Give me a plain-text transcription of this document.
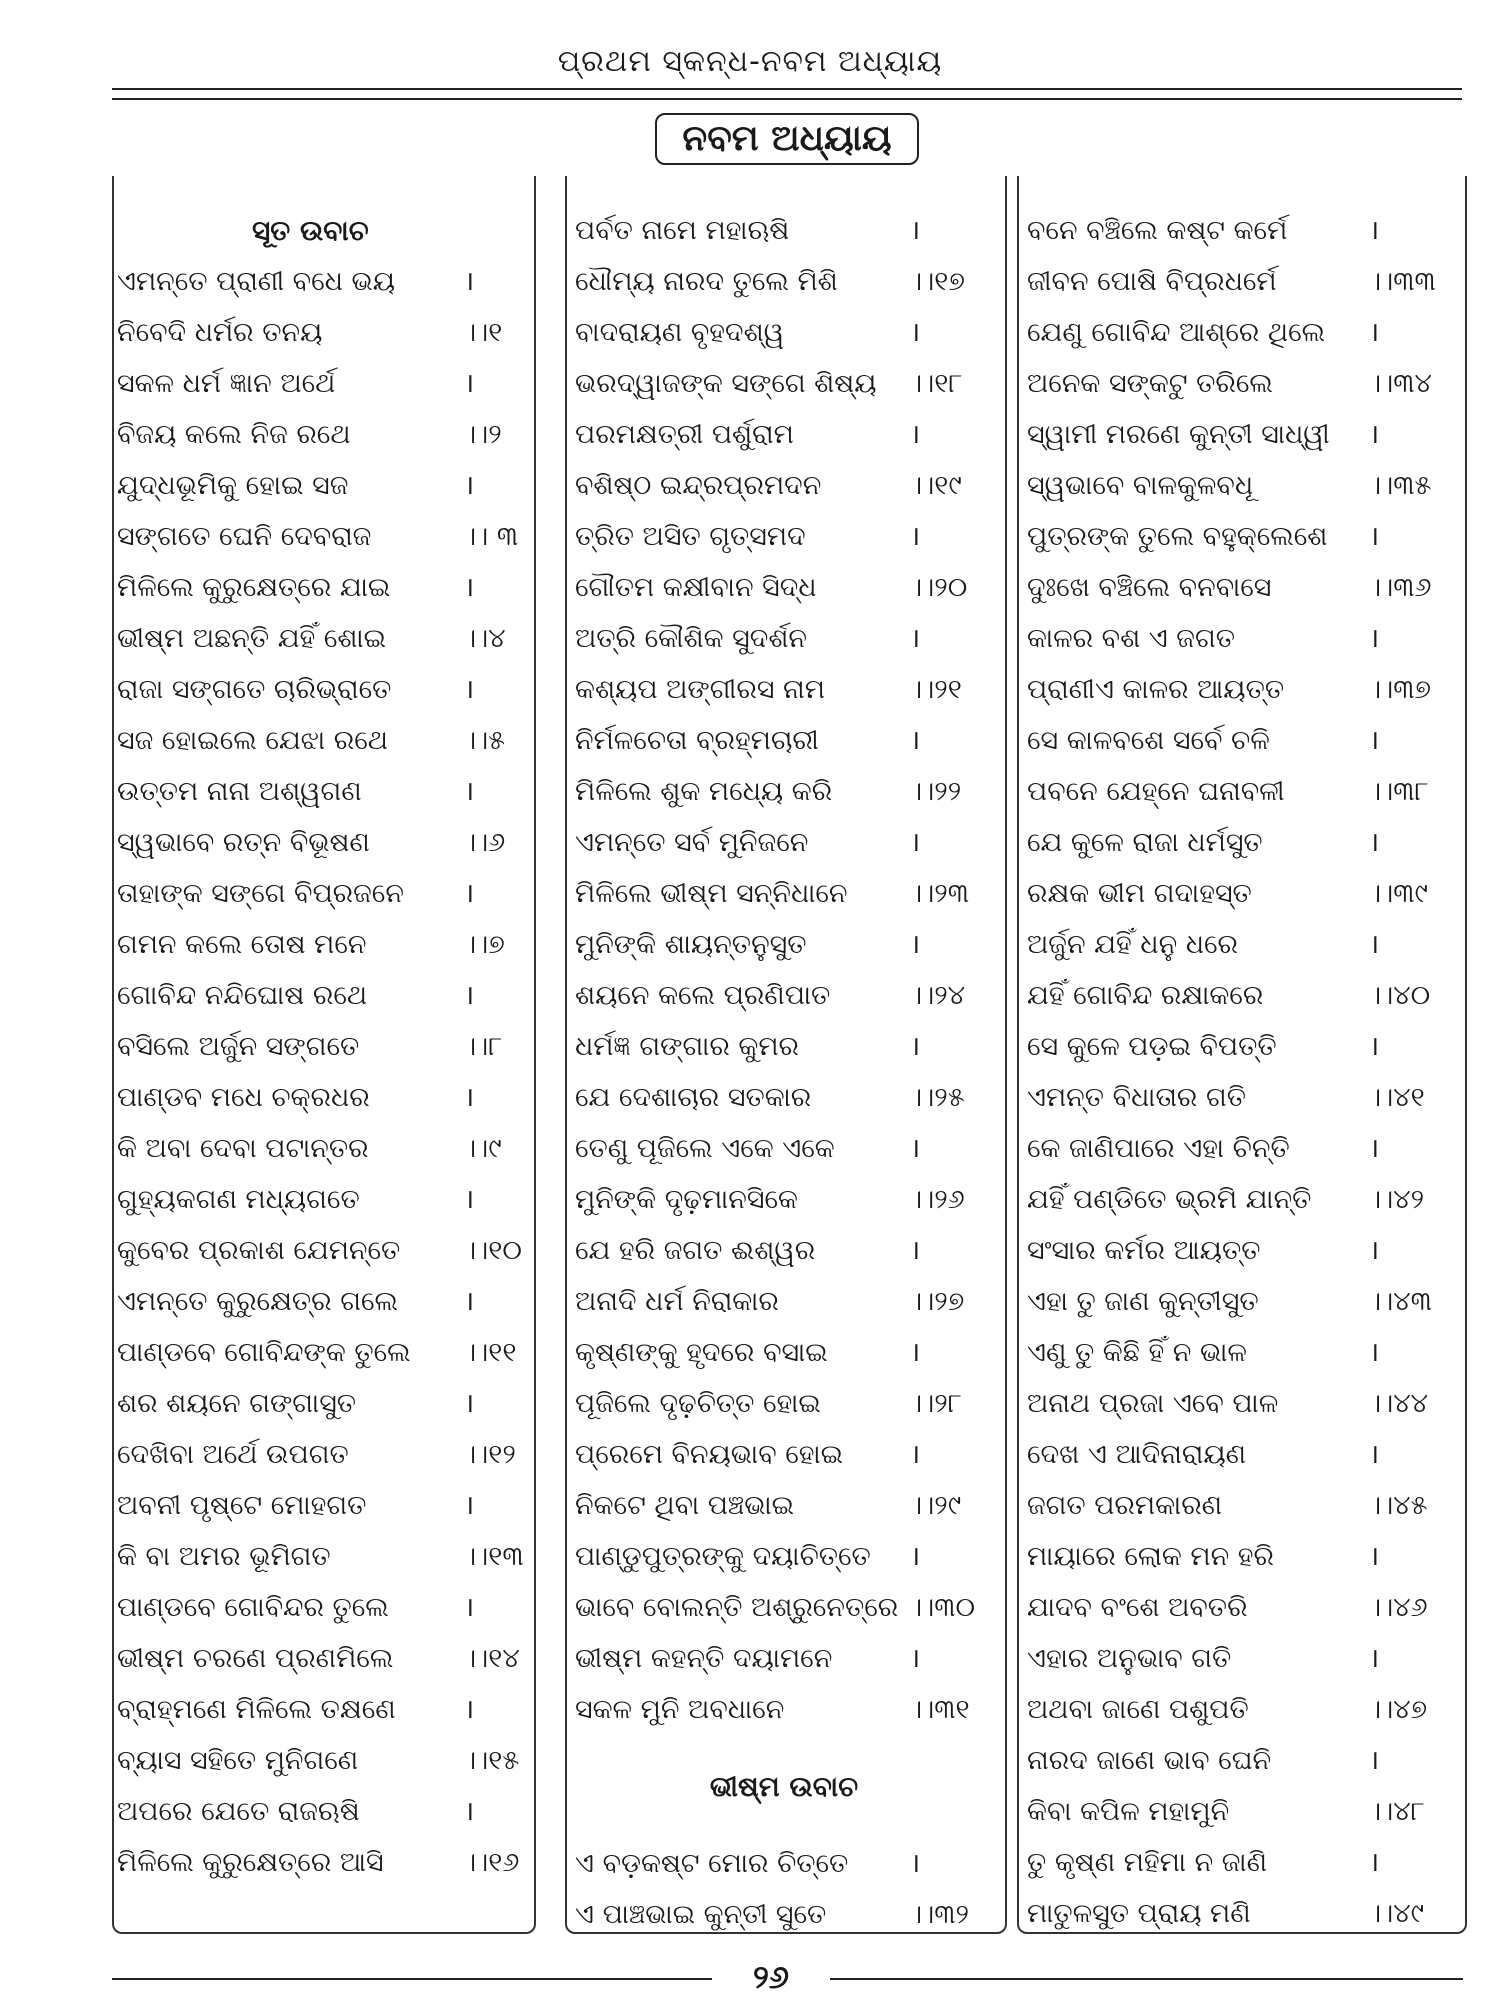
ପ୍ରଥମ ସ୍କନ୍ଧ-ନବମ ଅଧ୍ୟାୟ
ନବମ ଅଧ୍ୟାୟ
ସୂତ ଉବାଚ
ଏମନ୍ତେ ପ୍ରାଣୀ ବଧେ ଭୟ	।
ନିବେଦି ଧର୍ମର ତନୟ	।।୧
ସକଳ ଧର୍ମ ଜ୍ଞାନ ଅର୍ଥେ	।
ବିଜୟ କଲେ ନିଜ ରଥେ	।।୨
ଯୁଦ୍ଧଭୂମିକୁ ହୋଇ ସଜ	।
ସଙ୍ଗତେ ଘେନି ଦେବରାଜ	।। ୩
ମିଳିଲେ କୁରୁକ୍ଷେତ୍ରେ ଯାଇ	।
ଭୀଷ୍ମ ଅଛନ୍ତି ଯହିଁ ଶୋଇ	।।୪
ରାଜା ସଙ୍ଗତେ ଚାରିଭ୍ରାତେ	।
ସଜ ହୋଇଲେ ଯେଝା ରଥେ	।।୫
ଉତ୍ତମ ନାନା ଅଶ୍ୱଗଣ	।
ସ୍ୱଭାବେ ରତ୍ନ ବିଭୂଷଣ	।।୬
ତାହାଙ୍କ ସଙ୍ଗେ ବିପ୍ରଜନେ ।
ଗମନ କଲେ ତୋଷ ମନେ	।।୭
ଗୋବିନ୍ଦ ନନ୍ଦିଘୋଷ ରଥେ	।
ବସିଲେ ଅର୍ଜୁନ ସଙ୍ଗତେ	।।୮
ପାଣ୍ଡବ ମଧେ ଚକ୍ରଧର	।
କି ଅବା ଦେବା ପଟାନ୍ତର	।।୯
ଗୁହ୍ୟକଗଣ ମଧ୍ୟଗତେ	।
କୁବେର ପ୍ରକାଶ ଯେମନ୍ତେ ।।୧୦
ଏମନ୍ତେ କୁରୁକ୍ଷେତ୍ର ଗଲେ ।
ପାଣ୍ଡବେ ଗୋବିନ୍ଦଙ୍କ ତୁଲେ ।।୧୧
ଶର ଶୟନେ ଗଙ୍ଗାସୁତ	।
ଦେଖିବା ଅର୍ଥେ ଉପଗତ	।।୧୨
ଅବନୀ ପୃଷ୍ଟେ ମୋହଗତ	।
କି ବା ଅମର ଭୂମିଗତ	।।୧୩
ପାଣ୍ଡବେ ଗୋବିନ୍ଦର ତୁଲେ	।
ଭୀଷ୍ମ ଚରଣେ ପ୍ରଣମିଲେ	।।୧୪
ବ୍ରାହ୍ମଣେ ମିଳିଲେ ତକ୍ଷଣେ	।
ବ୍ୟାସ ସହିତେ ମୁନିଗଣେ	।।୧୫
ଅପରେ ଯେତେ ରାଜଋଷି	।
ମିଳିଲେ କୁରୁକ୍ଷେତ୍ରେ ଆସି	।।୧୬
ପର୍ବତ ନାମେ ମହାଋଷି	।
ଧୌମ୍ୟ ନାରଦ ତୁଲେ ମିଶି	।।୧୭
ବାଦରାୟଣ ବୃହଦଶ୍ୱ	।
ଭରଦ୍ୱାଜଙ୍କ ସଙ୍ଗେ ଶିଷ୍ୟ ।।୧୮
ପରମକ୍ଷତ୍ରୀ ପର୍ଶୁରାମ	।
ବଶିଷ୍ଠ ଇନ୍ଦ୍ରପ୍ରମଦନ	।।୧୯
ତ୍ରିତ ଅସିତ ଗୃତ୍ସମଦ	।
ଗୌତମ କକ୍ଷୀବାନ ସିଦ୍ଧ	।।୨୦
ଅତ୍ରି କୌଶିକ ସୁଦର୍ଶନ	।
କଶ୍ୟପ ଅଙ୍ଗୀରସ ନାମ	।।୨୧
ନିର୍ମଳଚେତା ବ୍ରହ୍ମଚାରୀ	।
ମିଳିଲେ ଶୁକ ମଧ୍ୟେ କରି	।।୨୨
ଏମନ୍ତେ ସର୍ବ ମୁନିଜନେ	।
ମିଳିଲେ ଭୀଷ୍ମ ସନ୍ନିଧାନେ ।।୨୩
ମୁନିଙ୍କି ଶାୟନ୍ତନୁସୁତ	।
ଶୟନେ କଲେ ପ୍ରଣିପାତ	।।୨୪
ଧର୍ମଜ୍ଞ ଗଙ୍ଗାର କୁମର	।
ଯେ ଦେଶାଚାର ସତକାର	।।୨୫
ତେଣୁ ପୂଜିଲେ ଏକେ ଏକେ	।
ମୁନିଙ୍କି ଦୃଢ଼ମାନସିକେ	।।୨୬
ଯେ ହରି ଜଗତ ଈଶ୍ୱର	।
ଅନାଦି ଧର୍ମ ନିରାକାର	।।୨୭
କୃଷ୍ଣଙ୍କୁ ହୃଦରେ ବସାଇ	।
ପୂଜିଲେ ଦୃଢ଼ଚିତ୍ତ ହୋଇ	।।୨୮
ପ୍ରେମେ ବିନୟଭାବ ହୋଇ ।
ନିକଟେ ଥିବା ପଞ୍ଚଭାଇ	।।୨୯
ପାଣ୍ଡୁପୁତ୍ରଙ୍କୁ ଦୟାଚିତ୍ତେ ।
ଭାବେ ବୋଲନ୍ତି ଅଶ୍ରୁନେତ୍ରେ ।।୩୦
ଭୀଷ୍ମ କହନ୍ତି ଦୟାମନେ	।
ସକଳ ମୁନି ଅବଧାନେ	।।୩୧
ଭୀଷ୍ମ ଉବାଚ
ଏ ବଡ଼କଷ୍ଟ ମୋର ଚିତ୍ତେ ।
ଏ ପାଞ୍ଚଭାଇ କୁନ୍ତୀ ସୁତେ	।।୩୨
ବନେ ବଞ୍ଚିଲେ କଷ୍ଟ କର୍ମେ	।
ଜୀବନ ପୋଷି ବିପ୍ରଧର୍ମେ	।।୩୩
ଯେଣୁ ଗୋବିନ୍ଦ ଆଶ୍ରେ ଥିଲେ ।
ଅନେକ ସଙ୍କଟୁ ତରିଲେ	।।୩୪
ସ୍ୱାମୀ ମରଣେ କୁନ୍ତୀ ସାଧ୍ୱୀ ।
ସ୍ୱଭାବେ ବାଳକୁଳବଧୂ	।।୩୫
ପୁତ୍ରଙ୍କ ତୁଲେ ବହୁକ୍ଲେଶେ ।
ଦୁଃଖେ ବଞ୍ଚିଲେ ବନବାସେ	।।୩୬
କାଳର ବଶ ଏ ଜଗତ	।
ପ୍ରାଣୀଏ କାଳର ଆୟତ୍ତ	।।୩୭
ସେ କାଳବଶେ ସର୍ବେ ଚଳି	।
ପବନେ ଯେହ୍ନେ ଘନାବଳୀ	।।୩୮
ଯେ କୁଳେ ରାଜା ଧର୍ମସୁତ	।
ରକ୍ଷକ ଭୀମ ଗଦାହସ୍ତ	।।୩୯
ଅର୍ଜୁନ ଯହିଁ ଧନୁ ଧରେ	।
ଯହିଁ ଗୋବିନ୍ଦ ରକ୍ଷାକରେ	।।୪୦
ସେ କୁଳେ ପଡ଼ଇ ବିପତ୍ତି	।
ଏମନ୍ତ ବିଧାତାର ଗତି	।।୪୧
କେ ଜାଣିପାରେ ଏହା ଚିନ୍ତି	।
ଯହିଁ ପଣ୍ଡିତେ ଭ୍ରମି ଯାନ୍ତି ।।୪୨
ସଂସାର କର୍ମର ଆୟତ୍ତ	।
ଏହା ତୁ ଜାଣ କୁନ୍ତୀସୁତ	।।୪୩
ଏଣୁ ତୁ କିଛି ହିଁ ନ ଭାଳ	।
ଅନାଥ ପ୍ରଜା ଏବେ ପାଳ	।।୪୪
ଦେଖ ଏ ଆଦିନାରାୟଣ	।
ଜଗତ ପରମକାରଣ	।।୪୫
ମାୟାରେ ଲୋକ ମନ ହରି	।
ଯାଦବ ବଂଶେ ଅବତରି	।।୪୬
ଏହାର ଅନୁଭାବ ଗତି	।
ଅଥବା ଜାଣେ ପଶୁପତି	।।୪୭
ନାରଦ ଜାଣେ ଭାବ ଘେନି	।
କିବା କପିଳ ମହାମୁନି	।।୪୮
ତୁ କୃଷ୍ଣ ମହିମା ନ ଜାଣି	।
ମାତୁଳସୁତ ପ୍ରାୟ ମଣି	।।୪୯
୨୬
